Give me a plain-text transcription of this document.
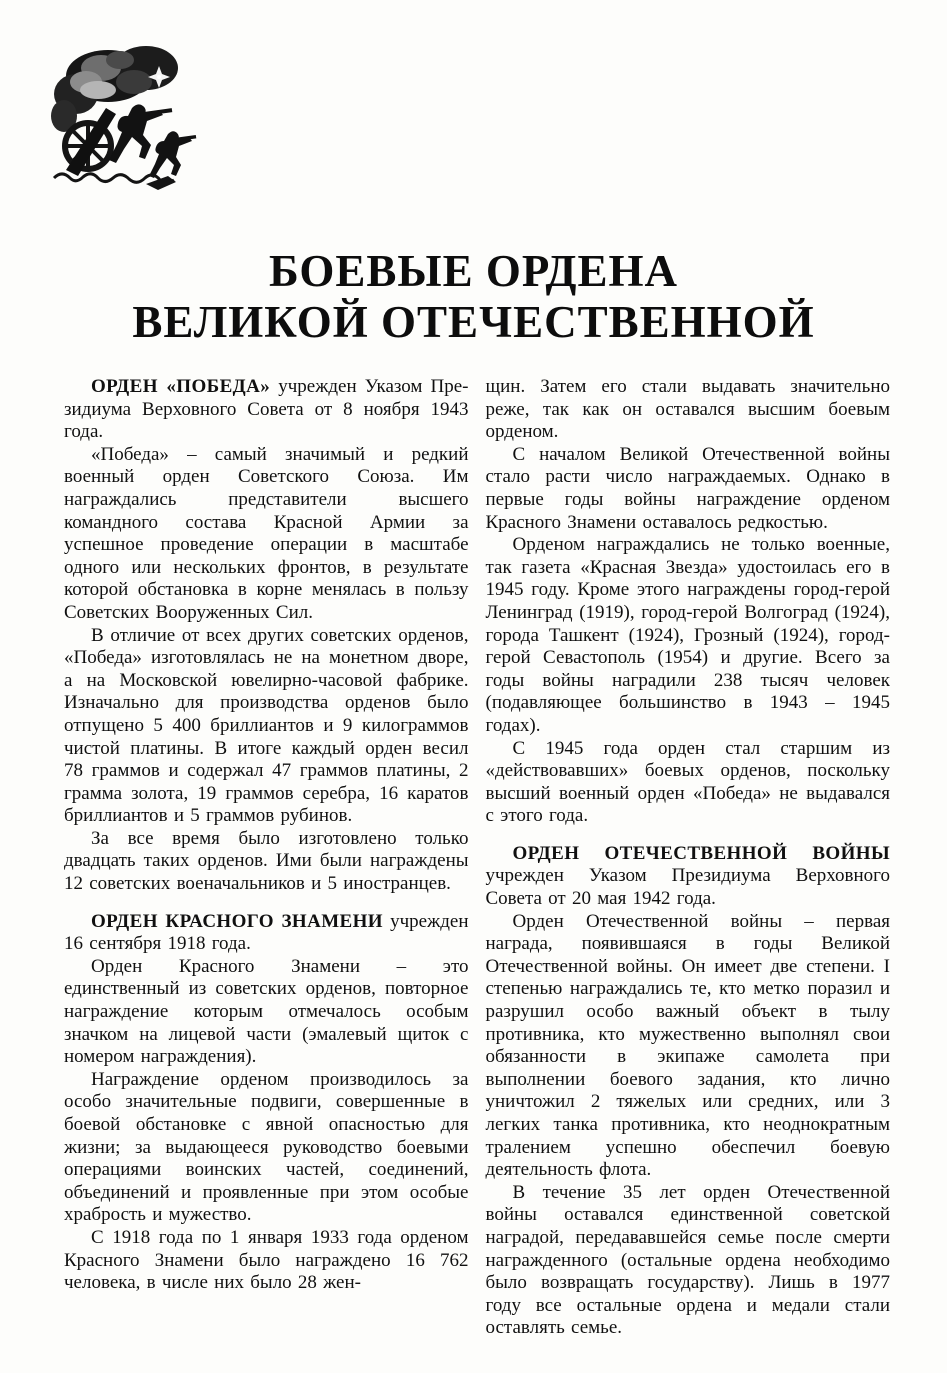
БОЕВЫЕ ОРДЕНА
ВЕЛИКОЙ ОТЕЧЕСТВЕННОЙ

ОРДЕН «ПОБЕДА» учрежден Указом Президиума Верховного Совета от 8 ноября 1943 года.

«Победа» – самый значимый и редкий военный орден Советского Союза. Им награждались представители высшего командного состава Красной Армии за успешное проведение операции в масштабе одного или нескольких фронтов, в результате которой обстановка в корне менялась в пользу Советских Вооруженных Сил.

В отличие от всех других советских орденов, «Победа» изготовлялась не на монетном дворе, а на Московской ювелирно-часовой фабрике. Изначально для производства орденов было отпущено 5 400 бриллиантов и 9 килограммов чистой платины. В итоге каждый орден весил 78 граммов и содержал 47 граммов платины, 2 грамма золота, 19 граммов серебра, 16 каратов бриллиантов и 5 граммов рубинов.

За все время было изготовлено только двадцать таких орденов. Ими были награждены 12 советских военачальников и 5 иностранцев.

ОРДЕН КРАСНОГО ЗНАМЕНИ учрежден 16 сентября 1918 года.

Орден Красного Знамени – это единственный из советских орденов, повторное награждение которым отмечалось особым значком на лицевой части (эмалевый щиток с номером награждения).

Награждение орденом производилось за особо значительные подвиги, совершенные в боевой обстановке с явной опасностью для жизни; за выдающееся руководство боевыми операциями воинских частей, соединений, объединений и проявленные при этом особые храбрость и мужество.

С 1918 года по 1 января 1933 года орденом Красного Знамени было награждено 16 762 человека, в числе них было 28 жен-

щин. Затем его стали выдавать значительно реже, так как он оставался высшим боевым орденом.

С началом Великой Отечественной войны стало расти число награждаемых. Однако в первые годы войны награждение орденом Красного Знамени оставалось редкостью.

Орденом награждались не только военные, так газета «Красная Звезда» удостоилась его в 1945 году. Кроме этого награждены город-герой Ленинград (1919), город-герой Волгоград (1924), города Ташкент (1924), Грозный (1924), город-герой Севастополь (1954) и другие. Всего за годы войны наградили 238 тысяч человек (подавляющее большинство в 1943 – 1945 годах).

С 1945 года орден стал старшим из «действовавших» боевых орденов, поскольку высший военный орден «Победа» не выдавался с этого года.

ОРДЕН ОТЕЧЕСТВЕННОЙ ВОЙНЫ учрежден Указом Президиума Верховного Совета от 20 мая 1942 года.

Орден Отечественной войны – первая награда, появившаяся в годы Великой Отечественной войны. Он имеет две степени. I степенью награждались те, кто метко поразил и разрушил особо важный объект в тылу противника, кто мужественно выполнял свои обязанности в экипаже самолета при выполнении боевого задания, кто лично уничтожил 2 тяжелых или средних, или 3 легких танка противника, кто неоднократным тралением успешно обеспечил боевую деятельность флота.

В течение 35 лет орден Отечественной войны оставался единственной советской наградой, передававшейся семье после смерти награжденного (остальные ордена необходимо было возвращать государству). Лишь в 1977 году все остальные ордена и медали стали оставлять семье.
